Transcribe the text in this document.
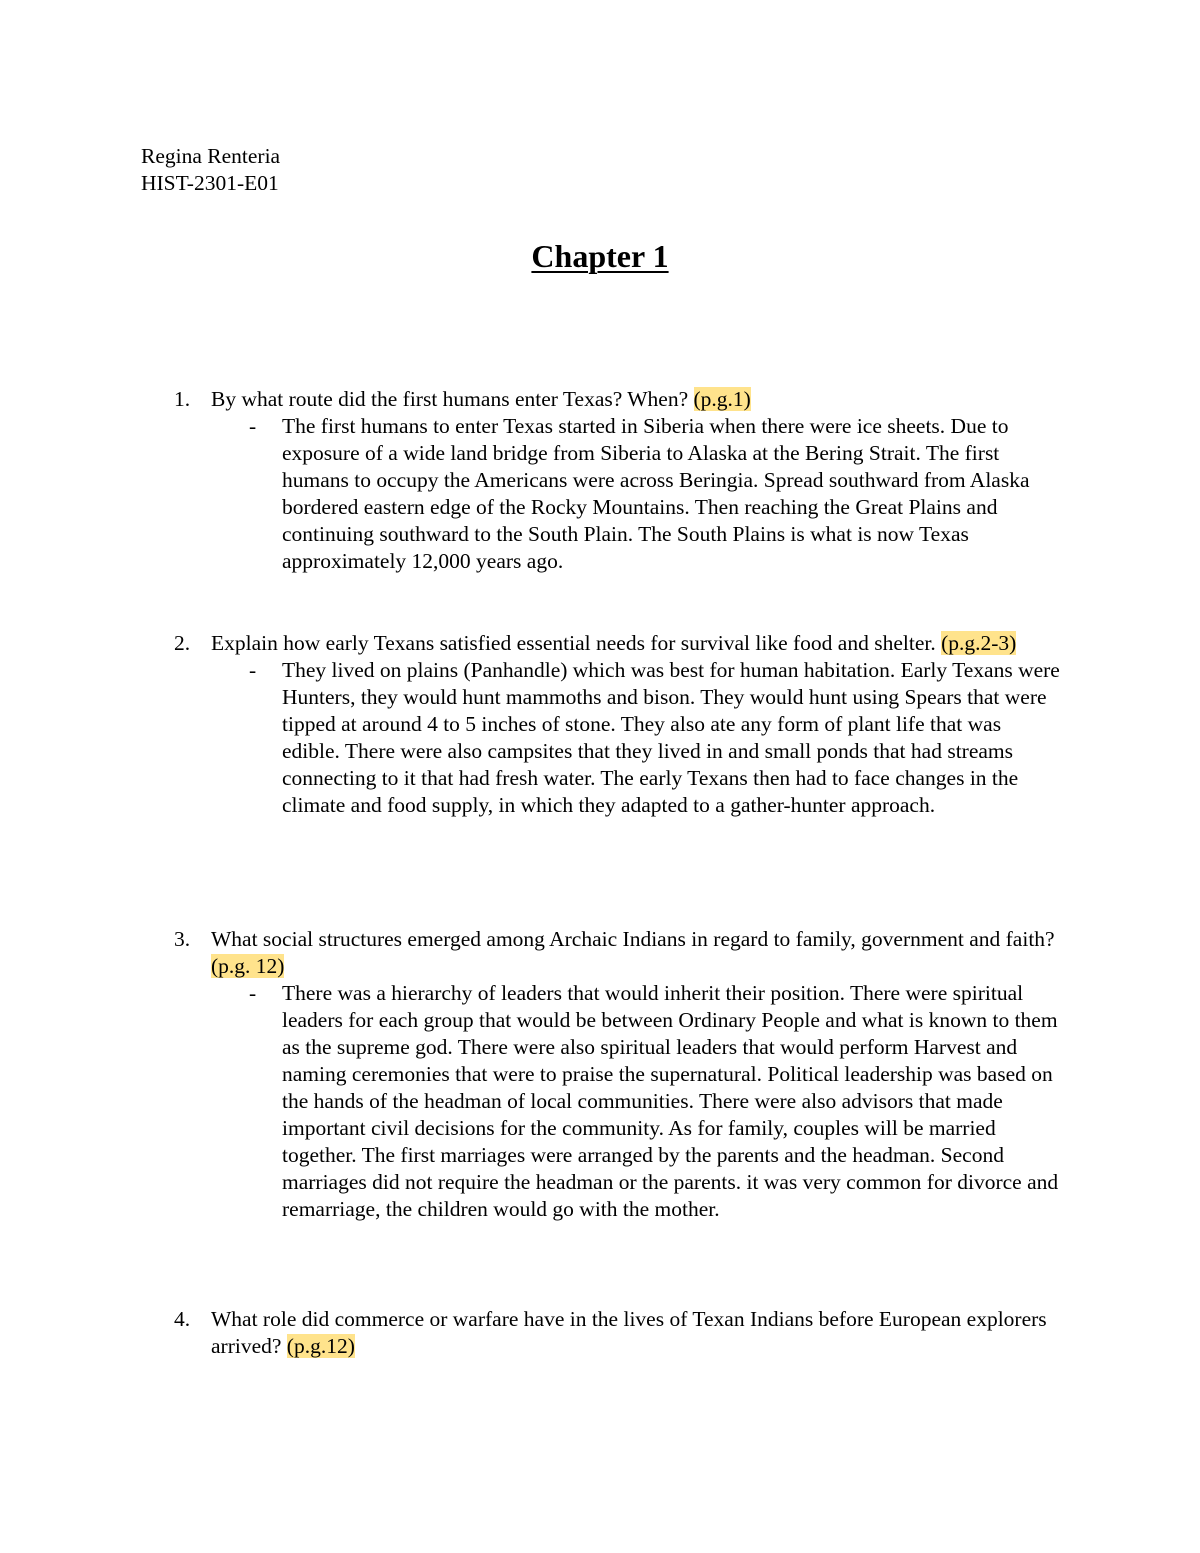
Regina Renteria
HIST-2301-E01
Chapter 1
1. By what route did the first humans enter Texas? When? (p.g.1)
- The first humans to enter Texas started in Siberia when there were ice sheets. Due to exposure of a wide land bridge from Siberia to Alaska at the Bering Strait. The first humans to occupy the Americans were across Beringia. Spread southward from Alaska bordered eastern edge of the Rocky Mountains. Then reaching the Great Plains and continuing southward to the South Plain. The South Plains is what is now Texas approximately 12,000 years ago.
2. Explain how early Texans satisfied essential needs for survival like food and shelter. (p.g.2-3)
- They lived on plains (Panhandle) which was best for human habitation. Early Texans were Hunters, they would hunt mammoths and bison. They would hunt using Spears that were tipped at around 4 to 5 inches of stone. They also ate any form of plant life that was edible. There were also campsites that they lived in and small ponds that had streams connecting to it that had fresh water. The early Texans then had to face changes in the climate and food supply, in which they adapted to a gather-hunter approach.
3. What social structures emerged among Archaic Indians in regard to family, government and faith? (p.g. 12)
- There was a hierarchy of leaders that would inherit their position. There were spiritual leaders for each group that would be between Ordinary People and what is known to them as the supreme god. There were also spiritual leaders that would perform Harvest and naming ceremonies that were to praise the supernatural. Political leadership was based on the hands of the headman of local communities. There were also advisors that made important civil decisions for the community. As for family, couples will be married together. The first marriages were arranged by the parents and the headman. Second marriages did not require the headman or the parents. it was very common for divorce and remarriage, the children would go with the mother.
4. What role did commerce or warfare have in the lives of Texan Indians before European explorers arrived? (p.g.12)
